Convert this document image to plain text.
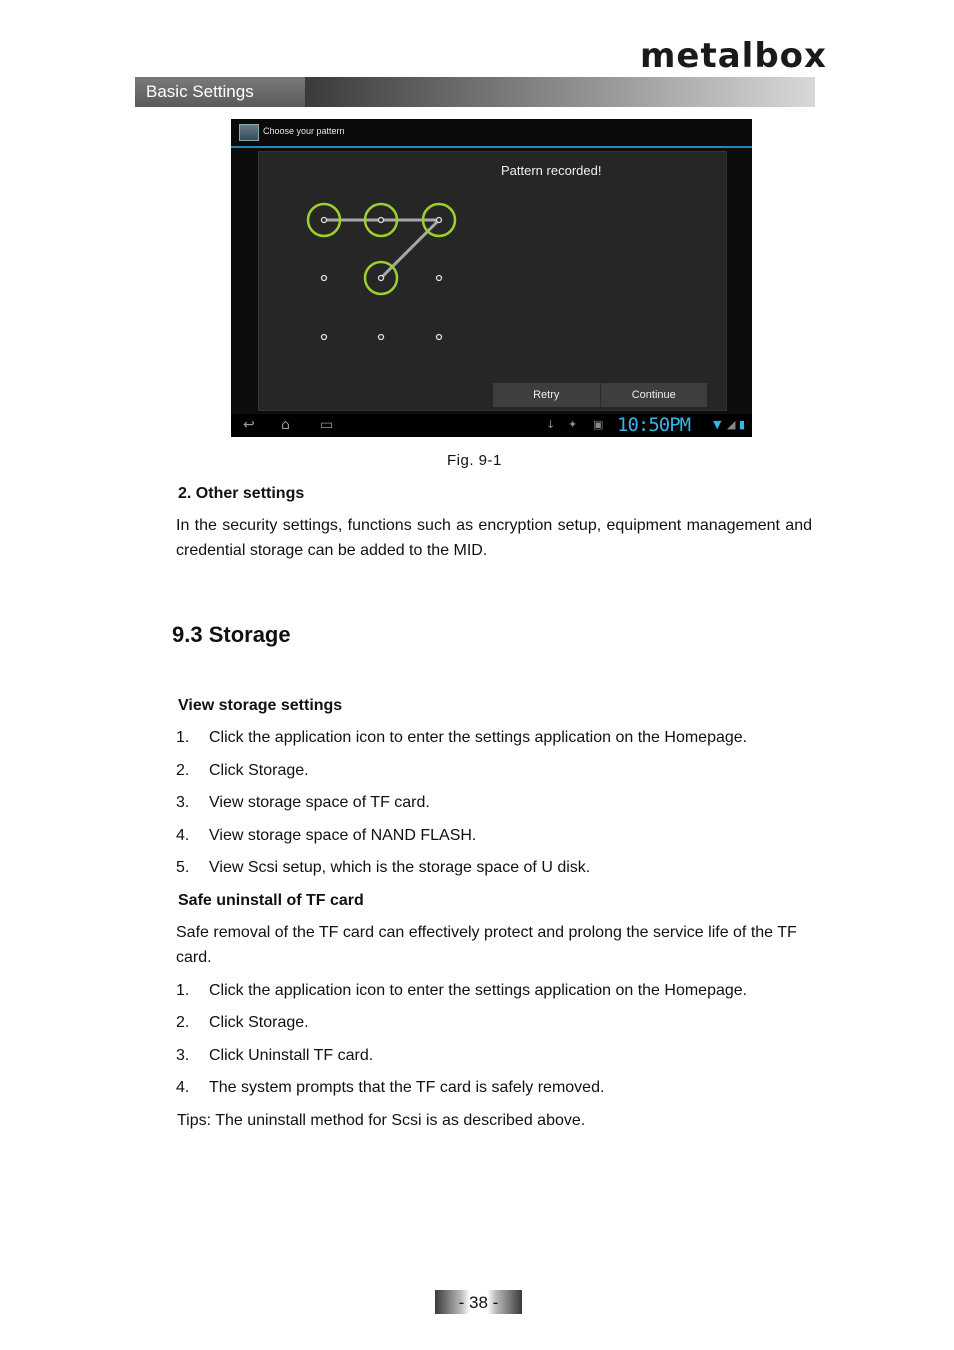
metalbox
Basic Settings
Choose your pattern
Pattern recorded!
Retry	Continue
↩ ⌂ ▭	↓ ✦ ▣ 10:50PM ▼ ◢ ▮
Fig. 9-1
2. Other settings
In the security settings, functions such as encryption setup, equipment management and credential storage can be added to the MID.
9.3 Storage
View storage settings
1. Click the application icon to enter the settings application on the Homepage.
2. Click Storage.
3. View storage space of TF card.
4. View storage space of NAND FLASH.
5. View Scsi setup, which is the storage space of U disk.
Safe uninstall of TF card
Safe removal of the TF card can effectively protect and prolong the service life of the TF card.
1. Click the application icon to enter the settings application on the Homepage.
2. Click Storage.
3. Click Uninstall TF card.
4. The system prompts that the TF card is safely removed.
Tips: The uninstall method for Scsi is as described above.
- 38 -
